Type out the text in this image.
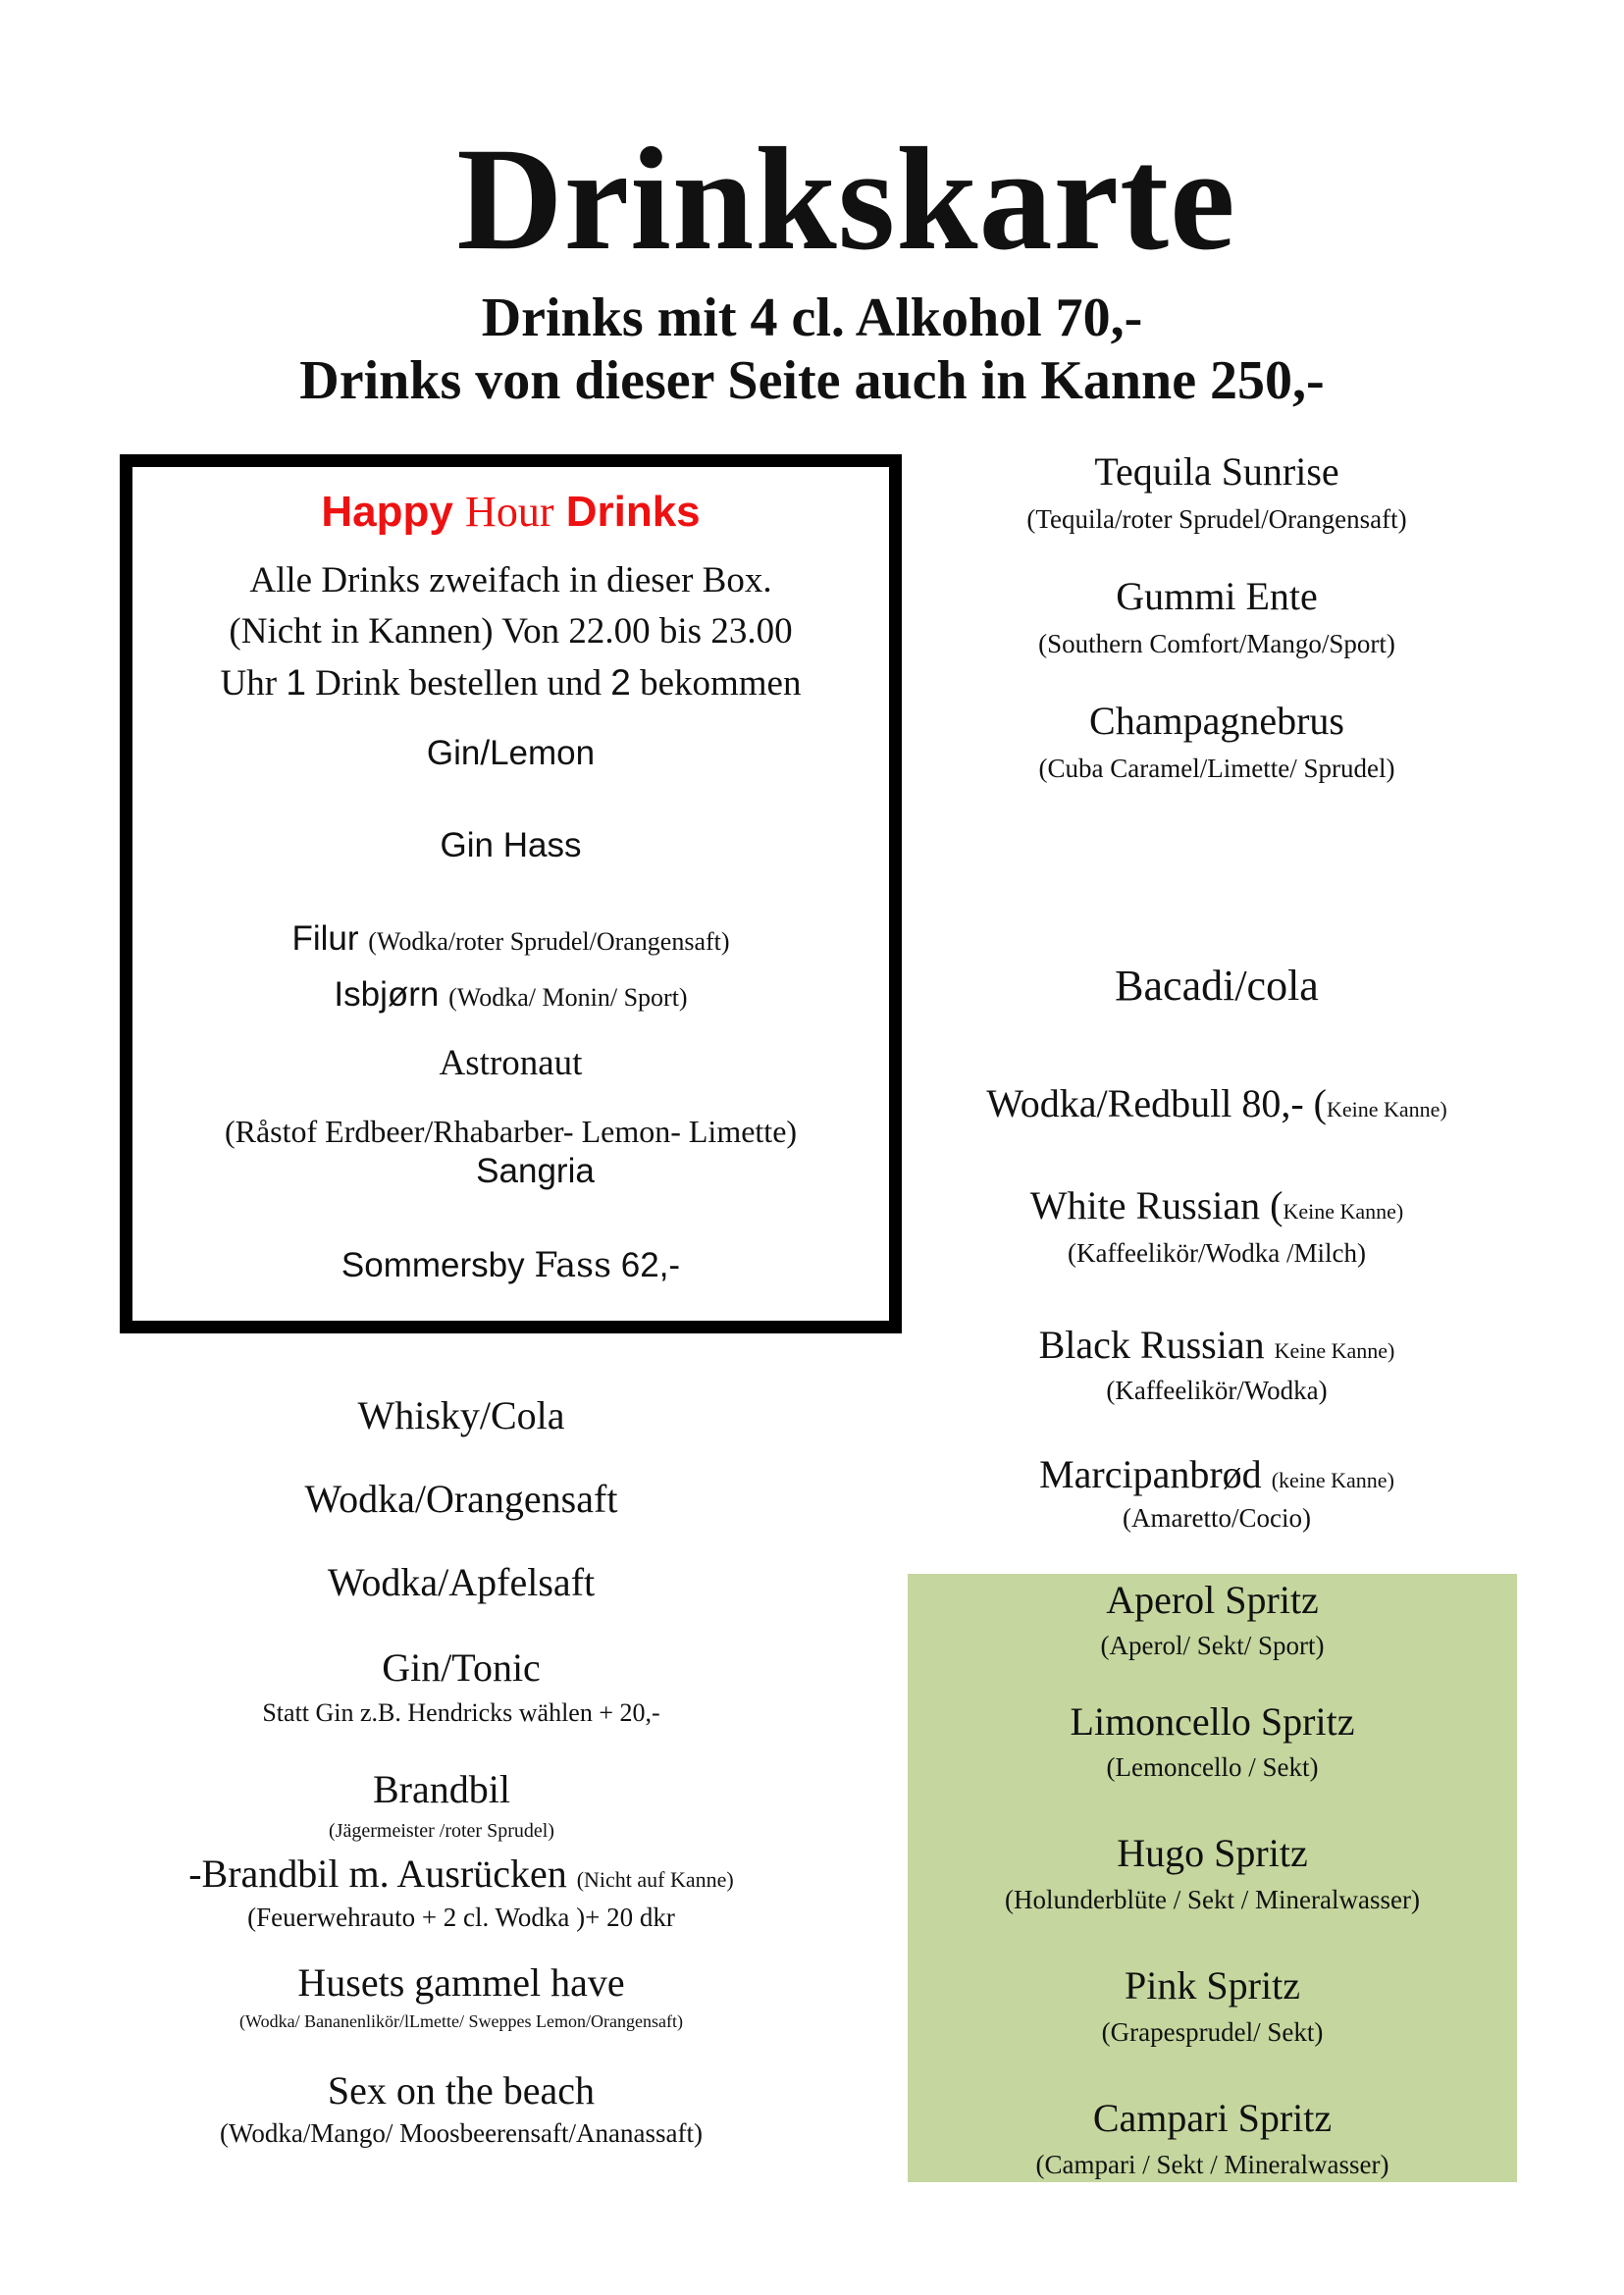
Drinkskarte
Drinks mit 4 cl. Alkohol 70,-
Drinks von dieser Seite auch in Kanne 250,-
Happy Hour Drinks
Alle Drinks zweifach in dieser Box.
(Nicht in Kannen) Von 22.00 bis 23.00
Uhr 1 Drink bestellen und 2 bekommen
Gin/Lemon
Gin Hass
Filur (Wodka/roter Sprudel/Orangensaft)
Isbjørn (Wodka/ Monin/ Sport)
Astronaut
(Råstof Erdbeer/Rhabarber- Lemon- Limette)
Sangria
Sommersby Fass 62,-
Whisky/Cola
Wodka/Orangensaft
Wodka/Apfelsaft
Gin/Tonic
Statt Gin z.B. Hendricks wählen + 20,-
Brandbil
(Jägermeister /roter Sprudel)
-Brandbil m. Ausrücken (Nicht auf Kanne)
(Feuerwehrauto + 2 cl. Wodka )+ 20 dkr
Husets gammel have
(Wodka/ Bananenlikör/lLmette/ Sweppes Lemon/Orangensaft)
Sex on the beach
(Wodka/Mango/ Moosbeerensaft/Ananassaft)
Tequila Sunrise
(Tequila/roter Sprudel/Orangensaft)
Gummi Ente
(Southern Comfort/Mango/Sport)
Champagnebrus
(Cuba Caramel/Limette/ Sprudel)
Bacadi/cola
Wodka/Redbull 80,- (Keine Kanne)
White Russian (Keine Kanne)
(Kaffeelikör/Wodka /Milch)
Black Russian Keine Kanne)
(Kaffeelikör/Wodka)
Marcipanbrød (keine Kanne)
(Amaretto/Cocio)
Aperol Spritz
(Aperol/ Sekt/ Sport)
Limoncello Spritz
(Lemoncello / Sekt)
Hugo Spritz
(Holunderblüte / Sekt / Mineralwasser)
Pink Spritz
(Grapesprudel/ Sekt)
Campari Spritz
(Campari / Sekt / Mineralwasser)
